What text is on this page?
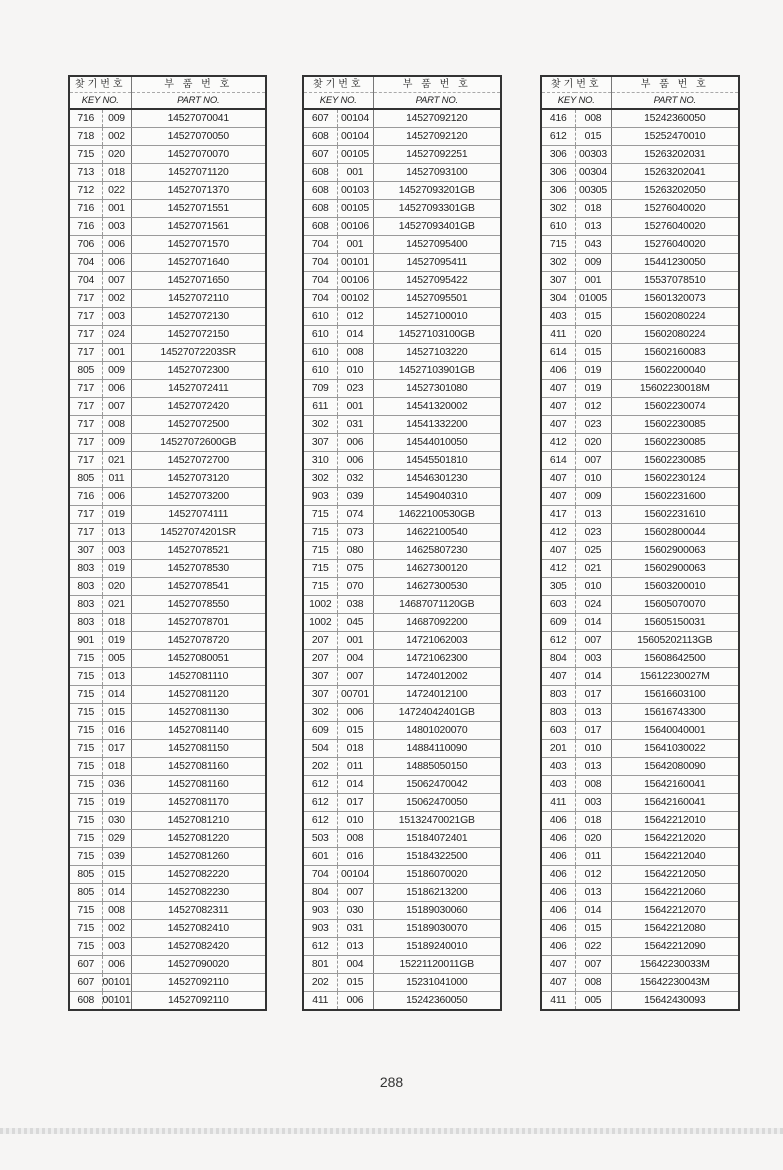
찾기번호		부 품 번 호
KEY NO.		PART NO.
716	009	14527070041
718	002	14527070050
715	020	14527070070
713	018	14527071120
712	022	14527071370
716	001	14527071551
716	003	14527071561
706	006	14527071570
704	006	14527071640
704	007	14527071650
717	002	14527072110
717	003	14527072130
717	024	14527072150
717	001	14527072203SR
805	009	14527072300
717	006	14527072411
717	007	14527072420
717	008	14527072500
717	009	14527072600GB
717	021	14527072700
805	011	14527073120
716	006	14527073200
717	019	14527074111
717	013	14527074201SR
307	003	14527078521
803	019	14527078530
803	020	14527078541
803	021	14527078550
803	018	14527078701
901	019	14527078720
715	005	14527080051
715	013	14527081110
715	014	14527081120
715	015	14527081130
715	016	14527081140
715	017	14527081150
715	018	14527081160
715	036	14527081160
715	019	14527081170
715	030	14527081210
715	029	14527081220
715	039	14527081260
805	015	14527082220
805	014	14527082230
715	008	14527082311
715	002	14527082410
715	003	14527082420
607	006	14527090020
607	00101	14527092110
608	00101	14527092110
찾기번호		부 품 번 호
KEY NO.		PART NO.
607	00104	14527092120
608	00104	14527092120
607	00105	14527092251
608	001	14527093100
608	00103	14527093201GB
608	00105	14527093301GB
608	00106	14527093401GB
704	001	14527095400
704	00101	14527095411
704	00106	14527095422
704	00102	14527095501
610	012	14527100010
610	014	14527103100GB
610	008	14527103220
610	010	14527103901GB
709	023	14527301080
611	001	14541320002
302	031	14541332200
307	006	14544010050
310	006	14545501810
302	032	14546301230
903	039	14549040310
715	074	14622100530GB
715	073	14622100540
715	080	14625807230
715	075	14627300120
715	070	14627300530
1002	038	14687071120GB
1002	045	14687092200
207	001	14721062003
207	004	14721062300
307	007	14724012002
307	00701	14724012100
302	006	14724042401GB
609	015	14801020070
504	018	14884110090
202	011	14885050150
612	014	15062470042
612	017	15062470050
612	010	15132470021GB
503	008	15184072401
601	016	15184322500
704	00104	15186070020
804	007	15186213200
903	030	15189030060
903	031	15189030070
612	013	15189240010
801	004	15221120011GB
202	015	15231041000
411	006	15242360050
찾기번호		부 품 번 호
KEY NO.		PART NO.
416	008	15242360050
612	015	15252470010
306	00303	15263202031
306	00304	15263202041
306	00305	15263202050
302	018	15276040020
610	013	15276040020
715	043	15276040020
302	009	15441230050
307	001	15537078510
304	01005	15601320073
403	015	15602080224
411	020	15602080224
614	015	15602160083
406	019	15602200040
407	019	15602230018M
407	012	15602230074
407	023	15602230085
412	020	15602230085
614	007	15602230085
407	010	15602230124
407	009	15602231600
417	013	15602231610
412	023	15602800044
407	025	15602900063
412	021	15602900063
305	010	15603200010
603	024	15605070070
609	014	15605150031
612	007	15605202113GB
804	003	15608642500
407	014	15612230027M
803	017	15616603100
803	013	15616743300
603	017	15640040001
201	010	15641030022
403	013	15642080090
403	008	15642160041
411	003	15642160041
406	018	15642212010
406	020	15642212020
406	011	15642212040
406	012	15642212050
406	013	15642212060
406	014	15642212070
406	015	15642212080
406	022	15642212090
407	007	15642230033M
407	008	15642230043M
411	005	15642430093
288
